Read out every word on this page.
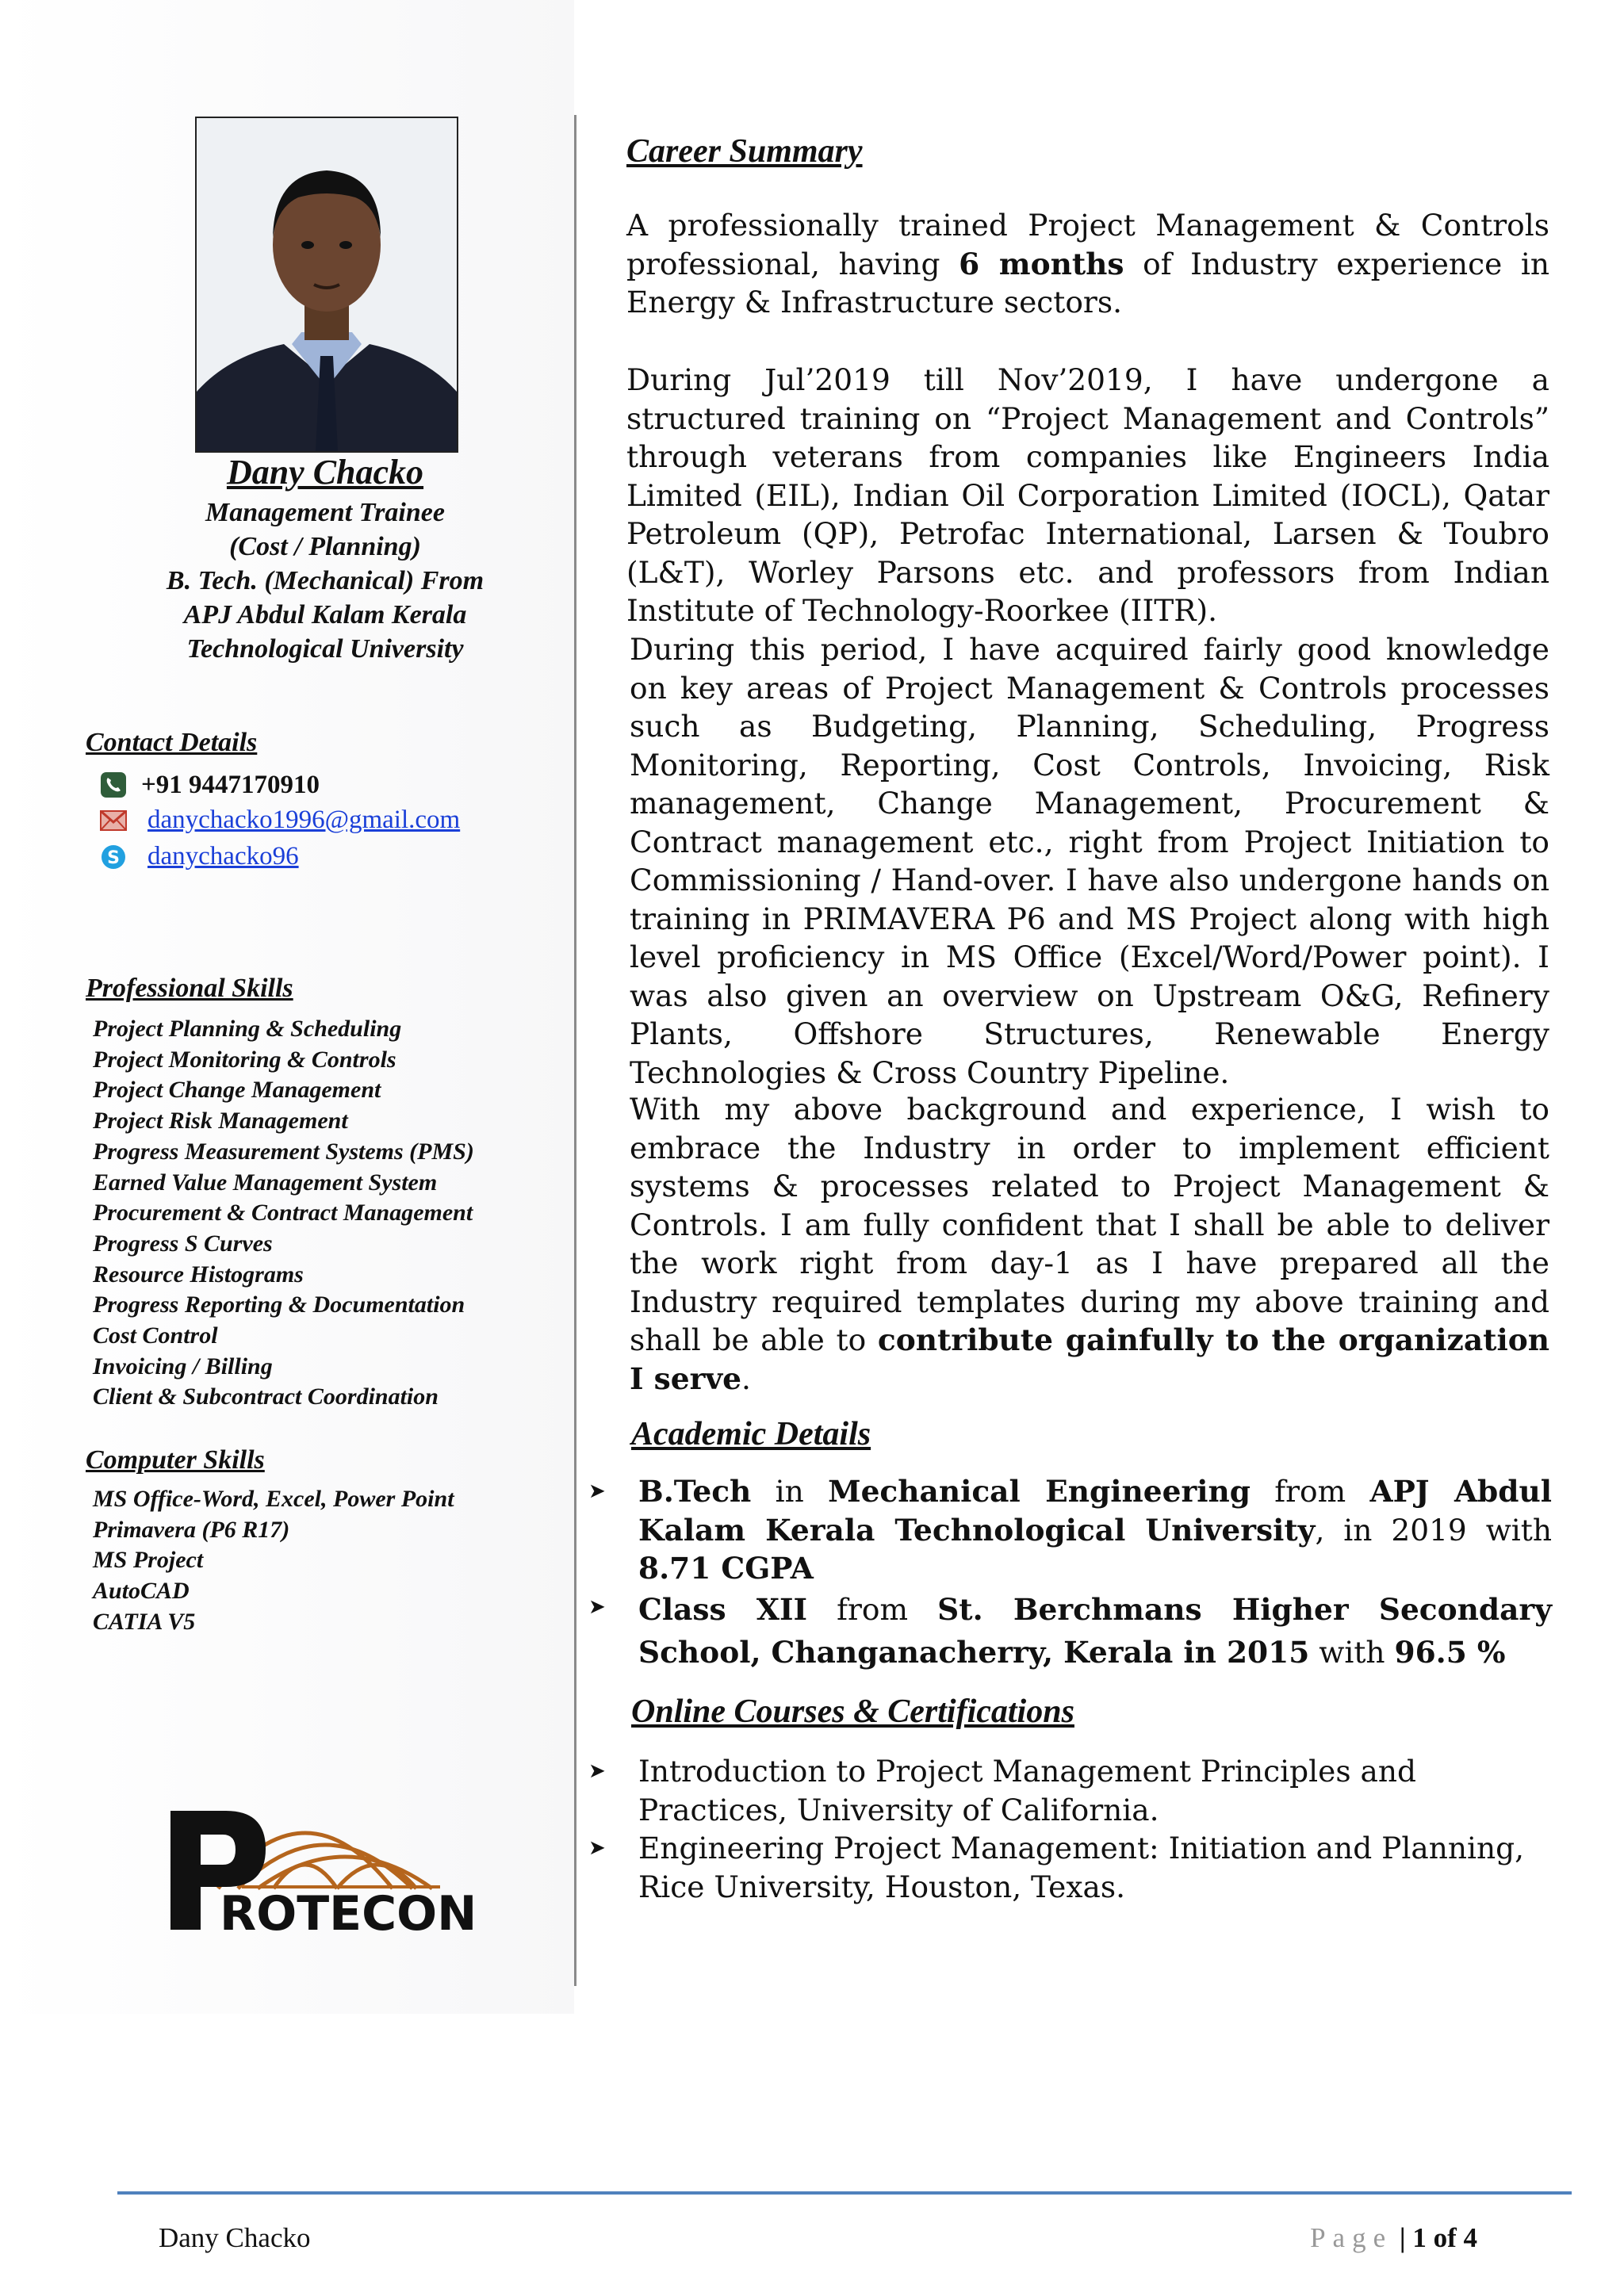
Dany Chacko
Management Trainee
(Cost / Planning)
B. Tech. (Mechanical) From
APJ Abdul Kalam Kerala
Technological University
Contact Details
+91 9447170910
danychacko1996@gmail.com
S danychacko96
Professional Skills
Project Planning & Scheduling
Project Monitoring & Controls
Project Change Management
Project Risk Management
Progress Measurement Systems (PMS)
Earned Value Management System
Procurement & Contract Management
Progress S Curves
Resource Histograms
Progress Reporting & Documentation
Cost Control
Invoicing / Billing
Client & Subcontract Coordination
Computer Skills
MS Office-Word, Excel, Power Point
Primavera (P6 R17)
MS Project
AutoCAD
CATIA V5
ROTECON
Career Summary
A professionally trained Project Management & Controls professional, having 6 months of Industry experience in Energy & Infrastructure sectors.
During Jul’2019 till Nov’2019, I have undergone a structured training on “Project Management and Controls” through veterans from companies like Engineers India Limited (EIL), Indian Oil Corporation Limited (IOCL), Qatar Petroleum (QP), Petrofac International, Larsen & Toubro (L&T), Worley Parsons etc. and professors from Indian Institute of Technology-Roorkee (IITR).
During this period, I have acquired fairly good knowledge on key areas of Project Management & Controls processes such as Budgeting, Planning, Scheduling, Progress Monitoring, Reporting, Cost Controls, Invoicing, Risk management, Change Management, Procurement & Contract management etc., right from Project Initiation to Commissioning / Hand-over. I have also undergone hands on training in PRIMAVERA P6 and MS Project along with high level proficiency in MS Office (Excel/Word/Power point). I was also given an overview on Upstream O&G, Refinery Plants, Offshore Structures, Renewable Energy Technologies & Cross Country Pipeline.
With my above background and experience, I wish to embrace the Industry in order to implement efficient systems & processes related to Project Management & Controls. I am fully confident that I shall be able to deliver the work right from day-1 as I have prepared all the Industry required templates during my above training and shall be able to contribute gainfully to the organization I serve.
Academic Details
➤	B.Tech in Mechanical Engineering from APJ Abdul Kalam Kerala Technological University, in 2019 with 8.71 CGPA
➤	Class XII from St. Berchmans Higher Secondary School, Changanacherry, Kerala in 2015 with 96.5 %
Online Courses & Certifications
➤	Introduction to Project Management Principles and Practices, University of California.
➤	Engineering Project Management: Initiation and Planning, Rice University, Houston, Texas.
Dany Chacko	Page | 1 of 4
